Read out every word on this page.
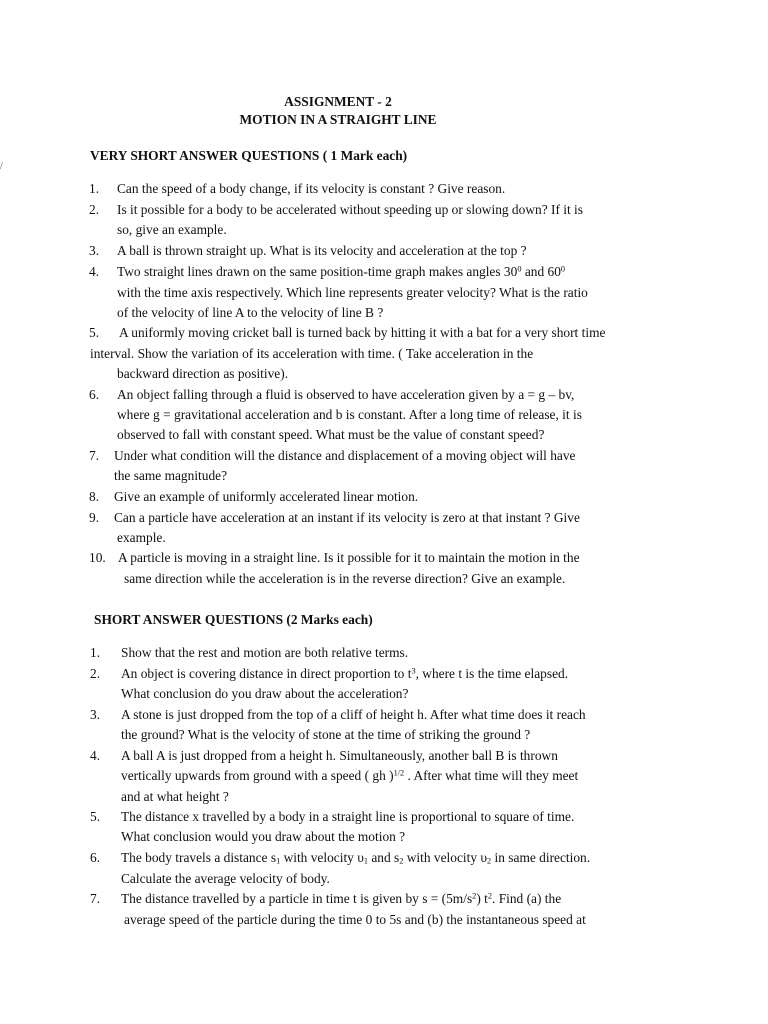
/
ASSIGNMENT - 2
MOTION IN A STRAIGHT LINE
VERY SHORT ANSWER QUESTIONS ( 1 Mark each)
1. Can the speed of a body change, if its velocity is constant ? Give reason.
2. Is it possible for a body to be accelerated without speeding up or slowing down? If it is
so, give an example.
3. A ball is thrown straight up. What is its velocity and acceleration at the top ?
4. Two straight lines drawn on the same position-time graph makes angles $30^0$ and $60^0$
with the time axis respectively. Which line represents greater velocity? What is the ratio
of the velocity of line A to the velocity of line B ?
5. A uniformly moving cricket ball is turned back by hitting it with a bat for a very short time
interval. Show the variation of its acceleration with time. ( Take acceleration in the
backward direction as positive).
6. An object falling through a fluid is observed to have acceleration given by a = g – bv,
where g = gravitational acceleration and b is constant. After a long time of release, it is
observed to fall with constant speed. What must be the value of constant speed?
7. Under what condition will the distance and displacement of a moving object will have
the same magnitude?
8. Give an example of uniformly accelerated linear motion.
9. Can a particle have acceleration at an instant if its velocity is zero at that instant ? Give
example.
10. A particle is moving in a straight line. Is it possible for it to maintain the motion in the
same direction while the acceleration is in the reverse direction? Give an example.
SHORT ANSWER QUESTIONS (2 Marks each)
1. Show that the rest and motion are both relative terms.
2. An object is covering distance in direct proportion to $t^3$, where t is the time elapsed.
What conclusion do you draw about the acceleration?
3. A stone is just dropped from the top of a cliff of height h. After what time does it reach
the ground? What is the velocity of stone at the time of striking the ground ?
4. A ball A is just dropped from a height h. Simultaneously, another ball B is thrown
vertically upwards from ground with a speed ( gh )$^{1/2}$ . After what time will they meet
and at what height ?
5. The distance x travelled by a body in a straight line is proportional to square of time.
What conclusion would you draw about the motion ?
6. The body travels a distance $s_1$ with velocity $\upsilon_1$ and $s_2$ with velocity $\upsilon_2$ in same direction.
Calculate the average velocity of body.
7. The distance travelled by a particle in time t is given by $s = (5m/s^2)$ $t^2$. Find (a) the
average speed of the particle during the time 0 to 5s and (b) the instantaneous speed at
